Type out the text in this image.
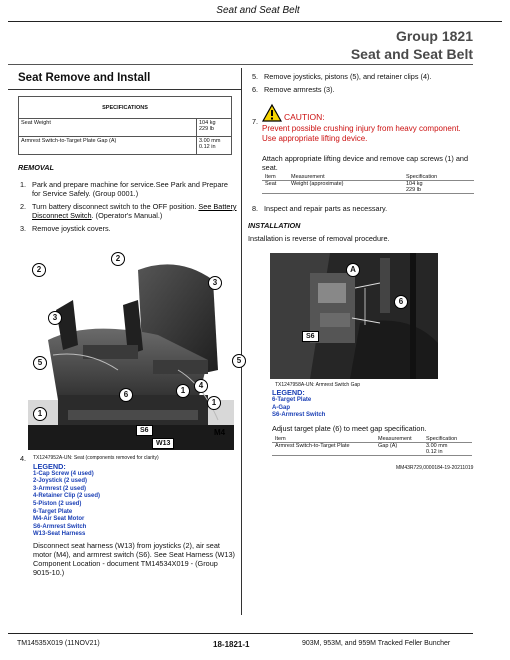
Seat and Seat Belt
Group 1821
Seat and Seat Belt
Seat Remove and Install
SPECIFICATIONS	
Seat Weight	104 kg
229 lb

Armrest Switch-to-Target Plate Gap (A)	3.00 mm
0.12 in
REMOVAL
1. Park and prepare machine for service.See Park and Prepare for Service Safely. (Group 0001.)
2. Turn battery disconnect switch to the OFF position. See Battery Disconnect Switch. (Operator's Manual.)
3. Remove joystick covers.
2
2
3
3
4
5
5
1
1
1
6
S6
W13
M4
4. TX1247952A-UN: Seat (components removed for clarity)
LEGEND:
1-Cap Screw (4 used)
2-Joystick (2 used)
3-Armrest (2 used)
4-Retainer Clip (2 used)
5-Piston (2 used)
6-Target Plate
M4-Air Seat Motor
S6-Armrest Switch
W13-Seat Harness
Disconnect seat harness (W13) from joysticks (2), air seat motor (M4), and armrest switch (S6). See Seat Harness (W13) Component Location - document TM14534X019 - (Group 9015-10.)
5. Remove joysticks, pistons (5), and retainer clips (4).
6. Remove armrests (3).
7.	CAUTION:
Prevent possible crushing injury from heavy component.
Use appropriate lifting device.
Attach appropriate lifting device and remove cap screws (1) and seat.
Item	Measurement	Specification
Seat	Weight (approximate)	104 kg
229 lb
8. Inspect and repair parts as necessary.
INSTALLATION
Installation is reverse of removal procedure.
A
6
S6
TX1247958A-UN: Armrest Switch Gap
LEGEND:
6-Target Plate
A-Gap
S6-Armrest Switch
Adjust target plate (6) to meet gap specification.
Item	Measurement	Specification
Armrest Switch-to-Target Plate	Gap (A)	3.00 mm
0.12 in
MM43R729,0000184-19-20211019
TM14535X019 (11NOV21)	18-1821-1	903M, 953M, and 959M Tracked Feller Buncher
